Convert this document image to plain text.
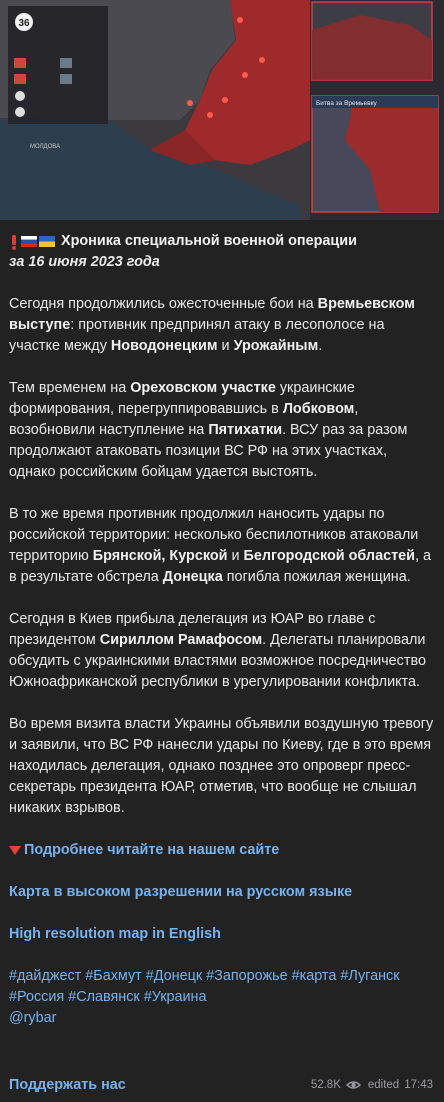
Битва за Времьевку
36
МОЛДОВА
Хроника специальной военной операции
за 16 июня 2023 года

Сегодня продолжились ожесточенные бои на Времьевском выступе: противник предпринял атаку в лесополосе на участке между Новодонецким и Урожайным.

Тем временем на Ореховском участке украинские формирования, перегруппировавшись в Лобковом, возобновили наступление на Пятихатки. ВСУ раз за разом продолжают атаковать позиции ВС РФ на этих участках, однако российским бойцам удается выстоять.

В то же время противник продолжил наносить удары по российской территории: несколько беспилотников атаковали территорию Брянской, Курской и Белгородской областей, а в результате обстрела Донецка погибла пожилая женщина.

Сегодня в Киев прибыла делегация из ЮАР во главе с президентом Сириллом Рамафосом. Делегаты планировали обсудить с украинскими властями возможное посредничество Южноафриканской республики в урегулировании конфликта.

Во время визита власти Украины объявили воздушную тревогу и заявили, что ВС РФ нанесли удары по Киеву, где в это время находилась делегация, однако позднее это опроверг пресс-секретарь президента ЮАР, отметив, что вообще не слышал никаких взрывов.

Подробнее читайте на нашем сайте

Карта в высоком разрешении на русском языке

High resolution map in English

#дайджест #Бахмут #Донецк #Запорожье #карта #Луганск
#Россия #Славянск #Украина
@rybar
Поддержать нас	52.8K edited 17:43
